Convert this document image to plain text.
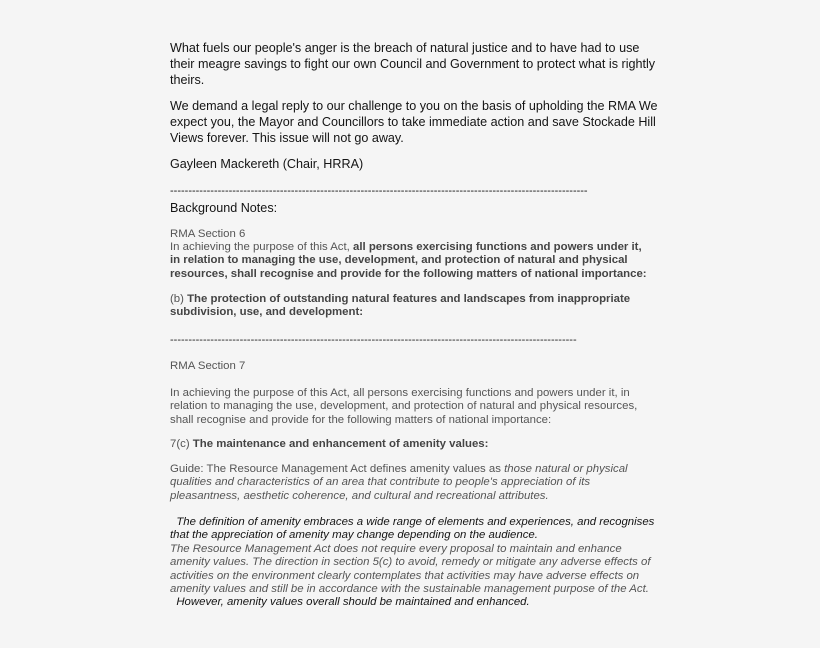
What fuels our people's anger is the breach of natural justice and to have had to use
their meagre savings to fight our own Council and Government to protect what is rightly
theirs.
We demand a legal reply to our challenge to you on the basis of upholding the RMA We
expect you, the Mayor and Councillors to take immediate action and save Stockade Hill
Views forever. This issue will not go away.
Gayleen Mackereth (Chair, HRRA)
------------------------------------------------------------------------------------------------------------------
Background Notes:
RMA Section 6
In achieving the purpose of this Act, all persons exercising functions and powers under it,
in relation to managing the use, development, and protection of natural and physical
resources, shall recognise and provide for the following matters of national importance:
(b) The protection of outstanding natural features and landscapes from inappropriate
subdivision, use, and development:
---------------------------------------------------------------------------------------------------------------
RMA Section 7
In achieving the purpose of this Act, all persons exercising functions and powers under it, in
relation to managing the use, development, and protection of natural and physical resources,
shall recognise and provide for the following matters of national importance:
7(c) The maintenance and enhancement of amenity values:
Guide: The Resource Management Act defines amenity values as those natural or physical
qualities and characteristics of an area that contribute to people's appreciation of its
pleasantness, aesthetic coherence, and cultural and recreational attributes.
The definition of amenity embraces a wide range of elements and experiences, and recognises
that the appreciation of amenity may change depending on the audience.
The Resource Management Act does not require every proposal to maintain and enhance
amenity values. The direction in section 5(c) to avoid, remedy or mitigate any adverse effects of
activities on the environment clearly contemplates that activities may have adverse effects on
amenity values and still be in accordance with the sustainable management purpose of the Act.
However, amenity values overall should be maintained and enhanced.
